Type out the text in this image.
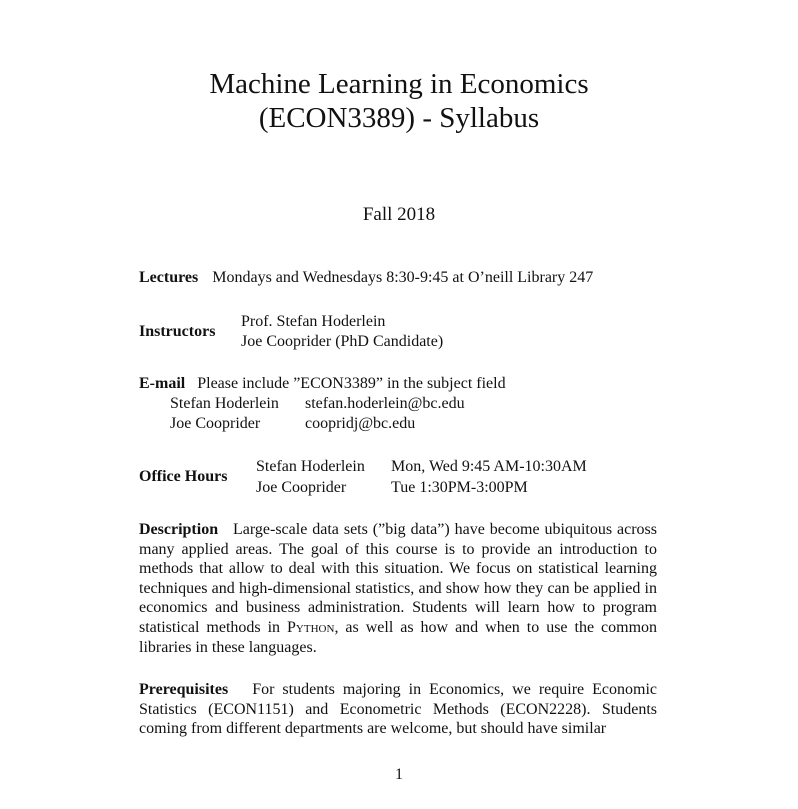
Machine Learning in Economics
(ECON3389) - Syllabus
Fall 2018
Lectures Mondays and Wednesdays 8:30-9:45 at O’neill Library 247
Instructors
Prof. Stefan Hoderlein
Joe Cooprider (PhD Candidate)
E-mail Please include ”ECON3389” in the subject field
Stefan Hoderlein stefan.hoderlein@bc.edu
Joe Cooprider	coopridj@bc.edu
Office Hours
Stefan Hoderlein Mon, Wed 9:45 AM-10:30AM
Joe Cooprider	Tue 1:30PM-3:00PM
Description Large-scale data sets (”big data”) have become ubiquitous across many applied areas. The goal of this course is to provide an introduction to methods that allow to deal with this situation. We focus on statistical learning techniques and high-dimensional statistics, and show how they can be applied in economics and business administration. Students will learn how to program statistical methods in Python, as well as how and when to use the common libraries in these languages.
Prerequisites For students majoring in Economics, we require Economic Statistics (ECON1151) and Econometric Methods (ECON2228). Students coming from different departments are welcome, but should have similar
1
